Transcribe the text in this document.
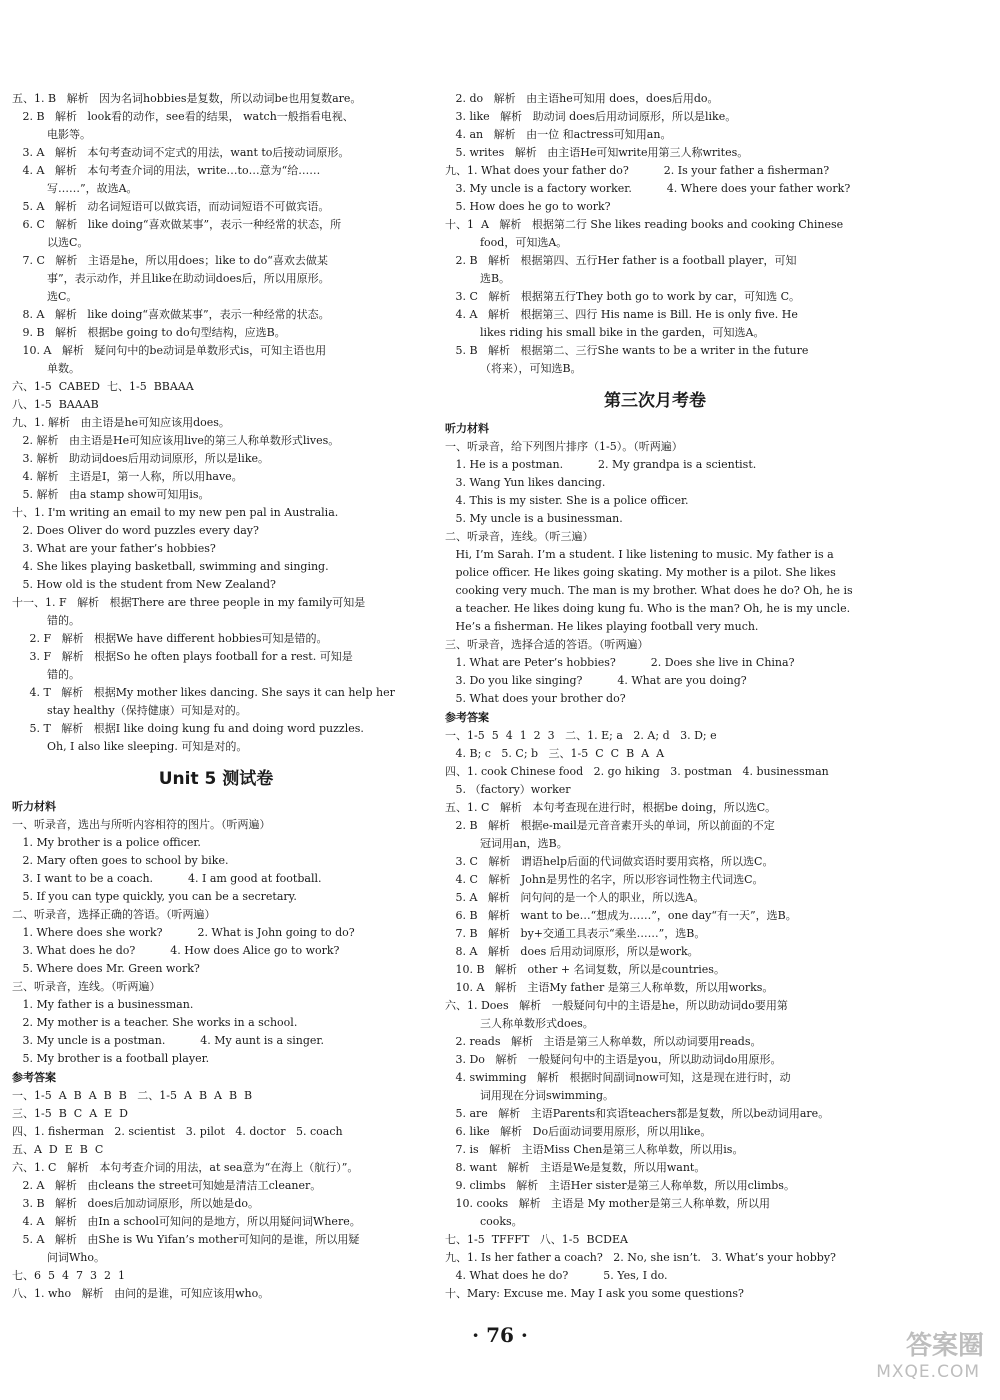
五、1. B   解析   因为名词hobbies是复数，所以动词be也用复数are。
2. B   解析   look看的动作，see看的结果， watch一般指看电视、
电影等。
3. A   解析   本句考查动词不定式的用法，want to后接动词原形。
4. A   解析   本句考查介词的用法，write…to…意为“给……
写……”，故选A。
5. A   解析   动名词短语可以做宾语，而动词短语不可做宾语。
6. C   解析   like doing“喜欢做某事”，表示一种经常的状态，所
以选C。
7. C   解析   主语是he，所以用does；like to do“喜欢去做某
事”，表示动作，并且like在助动词does后，所以用原形。
选C。
8. A   解析   like doing“喜欢做某事”，表示一种经常的状态。
9. B   解析   根据be going to do句型结构，应选B。
10. A   解析   疑问句中的be动词是单数形式is，可知主语也用
单数。
六、1-5  CABED  七、1-5  BBAAA
八、1-5  BAAAB
九、1. 解析   由主语是he可知应该用does。
2. 解析   由主语是He可知应该用live的第三人称单数形式lives。
3. 解析   助动词does后用动词原形，所以是like。
4. 解析   主语是I，第一人称，所以用have。
5. 解析   由a stamp show可知用is。
十、1. I'm writing an email to my new pen pal in Australia.
2. Does Oliver do word puzzles every day?
3. What are your father’s hobbies?
4. She likes playing basketball, swimming and singing.
5. How old is the student from New Zealand?
十一、1. F   解析   根据There are three people in my family可知是
错的。
2. F   解析   根据We have different hobbies可知是错的。
3. F   解析   根据So he often plays football for a rest. 可知是
错的。
4. T   解析   根据My mother likes dancing. She says it can help her
stay healthy（保持健康）可知是对的。
5. T   解析   根据I like doing kung fu and doing word puzzles.
Oh, I also like sleeping. 可知是对的。
Unit 5 测试卷
听力材料
一、听录音，选出与所听内容相符的图片。（听两遍）
1. My brother is a police officer.
2. Mary often goes to school by bike.
3. I want to be a coach.          4. I am good at football.
5. If you can type quickly, you can be a secretary.
二、听录音，选择正确的答语。（听两遍）
1. Where does she work?          2. What is John going to do?
3. What does he do?          4. How does Alice go to work?
5. Where does Mr. Green work?
三、听录音，连线。（听两遍）
1. My father is a businessman.
2. My mother is a teacher. She works in a school.
3. My uncle is a postman.          4. My aunt is a singer.
5. My brother is a football player.
参考答案
一、1-5  A  B  A  B  B   二、1-5  A  B  A  B  B
三、1-5  B  C  A  E  D
四、1. fisherman   2. scientist   3. pilot   4. doctor   5. coach
五、A  D  E  B  C
六、1. C   解析   本句考查介词的用法，at sea意为“在海上（航行）”。
2. A   解析   由cleans the street可知她是清洁工cleaner。
3. B   解析   does后加动词原形，所以她是do。
4. A   解析   由In a school可知问的是地方，所以用疑问词Where。
5. A   解析   由She is Wu Yifan’s mother可知问的是谁，所以用疑
问词Who。
七、6  5  4  7  3  2  1
八、1. who   解析   由问的是谁，可知应该用who。
2. do   解析   由主语he可知用 does，does后用do。
3. like   解析   助动词 does后用动词原形，所以是like。
4. an   解析   由一位 和actress可知用an。
5. writes   解析   由主语He可知write用第三人称writes。
九、1. What does your father do?          2. Is your father a fisherman?
3. My uncle is a factory worker.          4. Where does your father work?
5. How does he go to work?
十、1  A   解析   根据第二行 She likes reading books and cooking Chinese
food，可知选A。
2. B   解析   根据第四、五行Her father is a football player，可知
选B。
3. C   解析   根据第五行They both go to work by car，可知选 C。
4. A   解析   根据第三、四行 His name is Bill. He is only five. He
likes riding his small bike in the garden，可知选A。
5. B   解析   根据第二、三行She wants to be a writer in the future
（将来），可知选B。
第三次月考卷
听力材料
一、听录音，给下列图片排序（1-5）。（听两遍）
1. He is a postman.          2. My grandpa is a scientist.
3. Wang Yun likes dancing.
4. This is my sister. She is a police officer.
5. My uncle is a businessman.
二、听录音，连线。（听三遍）
Hi, I’m Sarah. I’m a student. I like listening to music. My father is a
police officer. He likes going skating. My mother is a pilot. She likes
cooking very much. The man is my brother. What does he do? Oh, he is
a teacher. He likes doing kung fu. Who is the man? Oh, he is my uncle.
He’s a fisherman. He likes playing football very much.
三、听录音，选择合适的答语。（听两遍）
1. What are Peter’s hobbies?          2. Does she live in China?
3. Do you like singing?          4. What are you doing?
5. What does your brother do?
参考答案
一、1-5  5  4  1  2  3   二、1. E; a   2. A; d   3. D; e
4. B; c   5. C; b   三、1-5  C  C  B  A  A
四、1. cook Chinese food   2. go hiking   3. postman   4. businessman
5. （factory）worker
五、1. C   解析   本句考查现在进行时，根据be doing，所以选C。
2. B   解析   根据e-mail是元音音素开头的单词，所以前面的不定
冠词用an，选B。
3. C   解析   谓语help后面的代词做宾语时要用宾格，所以选C。
4. C   解析   John是男性的名字，所以形容词性物主代词选C。
5. A   解析   问句问的是一个人的职业，所以选A。
6. B   解析   want to be…“想成为……”，one day“有一天”，选B。
7. B   解析   by+交通工具表示“乘坐……”，选B。
8. A   解析   does 后用动词原形，所以是work。
10. B   解析   other + 名词复数，所以是countries。
10. A   解析   主语My father 是第三人称单数，所以用works。
六、1. Does   解析   一般疑问句中的主语是he，所以助动词do要用第
三人称单数形式does。
2. reads   解析   主语是第三人称单数，所以动词要用reads。
3. Do   解析   一般疑问句中的主语是you，所以助动词do用原形。
4. swimming   解析   根据时间副词now可知，这是现在进行时，动
词用现在分词swimming。
5. are   解析   主语Parents和宾语teachers都是复数，所以be动词用are。
6. like   解析   Do后面动词要用原形，所以用like。
7. is   解析   主语Miss Chen是第三人称单数，所以用is。
8. want   解析   主语是We是复数，所以用want。
9. climbs   解析   主语Her sister是第三人称单数，所以用climbs。
10. cooks   解析   主语是 My mother是第三人称单数，所以用
cooks。
七、1-5  TFFFT   八、1-5  BCDEA
九、1. Is her father a coach?   2. No, she isn’t.   3. What’s your hobby?
4. What does he do?          5. Yes, I do.
十、Mary: Excuse me. May I ask you some questions?
· 76 ·	答案圈
MXQE.COM
